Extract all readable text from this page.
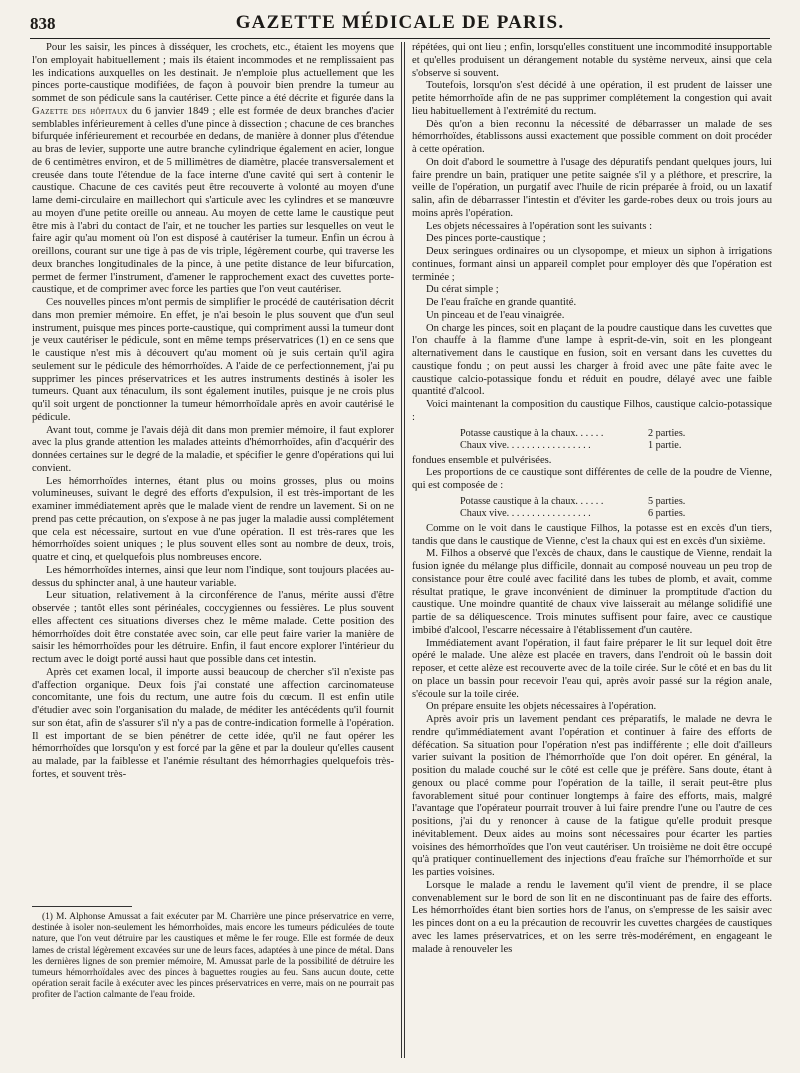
838	GAZETTE MÉDICALE DE PARIS.

Pour les saisir, les pinces à disséquer, les crochets, etc., étaient les moyens que l'on employait habituellement ; mais ils étaient incommodes et ne remplissaient pas les indications auxquelles on les destinait. Je n'emploie plus actuellement que les pinces porte-caustique modifiées, de façon à pouvoir bien prendre la tumeur au sommet de son pédicule sans la cautériser. Cette pince a été décrite et figurée dans la Gazette des hôpitaux du 6 janvier 1849 ; elle est formée de deux branches d'acier semblables inférieurement à celles d'une pince à dissection ; chacune de ces branches bifurquée inférieurement et recourbée en dedans, de manière à donner plus d'étendue au bras de levier, supporte une autre branche cylindrique également en acier, longue de 6 centimètres environ, et de 5 millimètres de diamètre, placée transversalement et creusée dans toute l'étendue de la face interne d'une cavité qui sert à contenir le caustique. Chacune de ces cavités peut être recouverte à volonté au moyen d'une lame demi-circulaire en maillechort qui s'articule avec les cylindres et se manœuvre au moyen d'une petite oreille ou anneau. Au moyen de cette lame le caustique peut être mis à l'abri du contact de l'air, et ne toucher les parties sur lesquelles on veut le faire agir qu'au moment où l'on est disposé à cautériser la tumeur. Enfin un écrou à oreillons, courant sur une tige à pas de vis triple, légèrement courbe, qui traverse les deux branches longitudinales de la pince, à une petite distance de leur bifurcation, permet de fermer l'instrument, d'amener le rapprochement exact des cuvettes porte-caustique, et de comprimer avec force les parties que l'on veut cautériser.

Ces nouvelles pinces m'ont permis de simplifier le procédé de cautérisation décrit dans mon premier mémoire. En effet, je n'ai besoin le plus souvent que d'un seul instrument, puisque mes pinces porte-caustique, qui compriment aussi la tumeur dont je veux cautériser le pédicule, sont en même temps préservatrices (1) en ce sens que le caustique n'est mis à découvert qu'au moment où je suis certain qu'il agira seulement sur le pédicule des hémorrhoïdes. A l'aide de ce perfectionnement, j'ai pu supprimer les pinces préservatrices et les autres instruments destinés à isoler les tumeurs. Quant aux ténaculum, ils sont également inutiles, puisque je ne crois plus qu'il soit urgent de ponctionner la tumeur hémorrhoïdale après en avoir cautérisé le pédicule.

Avant tout, comme je l'avais déjà dit dans mon premier mémoire, il faut explorer avec la plus grande attention les malades atteints d'hémorrhoïdes, afin d'acquérir des données certaines sur le degré de la maladie, et spécifier le genre d'opérations qui lui convient.

Les hémorrhoïdes internes, étant plus ou moins grosses, plus ou moins volumineuses, suivant le degré des efforts d'expulsion, il est très-important de les examiner immédiatement après que le malade vient de rendre un lavement. Si on ne prend pas cette précaution, on s'expose à ne pas juger la maladie aussi complétement que cela est nécessaire, surtout en vue d'une opération. Il est très-rares que les hémorrhoïdes soient uniques ; le plus souvent elles sont au nombre de deux, trois, quatre et cinq, et quelquefois plus nombreuses encore.

Les hémorrhoïdes internes, ainsi que leur nom l'indique, sont toujours placées au-dessus du sphincter anal, à une hauteur variable.

Leur situation, relativement à la circonférence de l'anus, mérite aussi d'être observée ; tantôt elles sont périnéales, coccygiennes ou fessières. Le plus souvent elles affectent ces situations diverses chez le même malade. Cette position des hémorrhoïdes doit être constatée avec soin, car elle peut faire varier la manière de saisir les hémorrhoïdes pour les détruire. Enfin, il faut encore explorer l'intérieur du rectum avec le doigt porté aussi haut que possible dans cet intestin.

Après cet examen local, il importe aussi beaucoup de chercher s'il n'existe pas d'affection organique. Deux fois j'ai constaté une affection carcinomateuse concomitante, une fois du rectum, une autre fois du cœcum. Il est enfin utile d'étudier avec soin l'organisation du malade, de méditer les antécédents qu'il fournit sur son état, afin de s'assurer s'il n'y a pas de contre-indication formelle à l'opération. Il est important de se bien pénétrer de cette idée, qu'il ne faut opérer les hémorrhoïdes que lorsqu'on y est forcé par la gêne et par la douleur qu'elles causent au malade, par la faiblesse et l'anémie résultant des hémorrhagies quelquefois très-fortes, et souvent très-

(1) M. Alphonse Amussat a fait exécuter par M. Charrière une pince préservatrice en verre, destinée à isoler non-seulement les hémorrhoïdes, mais encore les tumeurs pédiculées de toute nature, que l'on veut détruire par les caustiques et même le fer rouge. Elle est formée de deux lames de cristal légèrement excavées sur une de leurs faces, adaptées à une pince de métal. Dans les dernières lignes de son premier mémoire, M. Amussat parle de la possibilité de détruire les tumeurs hémorrhoïdales avec des pinces à baguettes rougies au feu. Sans aucun doute, cette opération serait facile à exécuter avec les pinces préservatrices en verre, mais on ne pourrait pas profiter de l'action calmante de l'eau froide.

répétées, qui ont lieu ; enfin, lorsqu'elles constituent une incommodité insupportable et qu'elles produisent un dérangement notable du système nerveux, ainsi que cela s'observe si souvent.

Toutefois, lorsqu'on s'est décidé à une opération, il est prudent de laisser une petite hémorrhoïde afin de ne pas supprimer complétement la congestion qui avait lieu habituellement à l'extrémité du rectum.

Dès qu'on a bien reconnu la nécessité de débarrasser un malade de ses hémorrhoïdes, établissons aussi exactement que possible comment on doit procéder à cette opération.

On doit d'abord le soumettre à l'usage des dépuratifs pendant quelques jours, lui faire prendre un bain, pratiquer une petite saignée s'il y a pléthore, et prescrire, la veille de l'opération, un purgatif avec l'huile de ricin préparée à froid, ou un laxatif salin, afin de débarrasser l'intestin et d'éviter les garde-robes deux ou trois jours au moins après l'opération.

Les objets nécessaires à l'opération sont les suivants :

Des pinces porte-caustique ;

Deux seringues ordinaires ou un clysopompe, et mieux un siphon à irrigations continues, formant ainsi un appareil complet pour employer dès que l'opération est terminée ;

Du cérat simple ;

De l'eau fraîche en grande quantité.

Un pinceau et de l'eau vinaigrée.

On charge les pinces, soit en plaçant de la poudre caustique dans les cuvettes que l'on chauffe à la flamme d'une lampe à esprit-de-vin, soit en les plongeant alternativement dans le caustique en fusion, soit en versant dans les cuvettes du caustique fondu ; on peut aussi les charger à froid avec une pâte faite avec le caustique calcio-potassique fondu et réduit en poudre, délayé avec une faible quantité d'alcool.

Voici maintenant la composition du caustique Filhos, caustique calcio-potassique :

Potasse caustique à la chaux. . . . . .	2 parties.
Chaux vive. . . . . . . . . . . . . . . . .	1 partie.

fondues ensemble et pulvérisées.

Les proportions de ce caustique sont différentes de celle de la poudre de Vienne, qui est composée de :

Potasse caustique à la chaux. . . . . .	5 parties.
Chaux vive. . . . . . . . . . . . . . . . .	6 parties.

Comme on le voit dans le caustique Filhos, la potasse est en excès d'un tiers, tandis que dans le caustique de Vienne, c'est la chaux qui est en excès d'un sixième.

M. Filhos a observé que l'excès de chaux, dans le caustique de Vienne, rendait la fusion ignée du mélange plus difficile, donnait au composé nouveau un peu trop de consistance pour être coulé avec facilité dans les tubes de plomb, et avait, comme résultat pratique, le grave inconvénient de diminuer la promptitude d'action du caustique. Une moindre quantité de chaux vive laisserait au mélange solidifié une partie de sa déliquescence. Trois minutes suffisent pour faire, avec ce caustique imbibé d'alcool, l'escarre nécessaire à l'établissement d'un cautère.

Immédiatement avant l'opération, il faut faire préparer le lit sur lequel doit être opéré le malade. Une alèze est placée en travers, dans l'endroit où le bassin doit reposer, et cette alèze est recouverte avec de la toile cirée. Sur le côté et en bas du lit on place un bassin pour recevoir l'eau qui, après avoir passé sur la région anale, s'écoule sur la toile cirée.

On prépare ensuite les objets nécessaires à l'opération.

Après avoir pris un lavement pendant ces préparatifs, le malade ne devra le rendre qu'immédiatement avant l'opération et continuer à faire des efforts de défécation. Sa situation pour l'opération n'est pas indifférente ; elle doit d'ailleurs varier suivant la position de l'hémorrhoïde que l'on doit opérer. En général, la position du malade couché sur le côté est celle que je préfère. Sans doute, étant à genoux ou placé comme pour l'opération de la taille, il serait peut-être plus favorablement situé pour continuer longtemps à faire des efforts, mais, malgré l'avantage que l'opérateur pourrait trouver à lui faire prendre l'une ou l'autre de ces positions, j'ai du y renoncer à cause de la fatigue qu'elle produit presque inévitablement. Deux aides au moins sont nécessaires pour écarter les parties voisines des hémorrhoïdes que l'on veut cautériser. Un troisième ne doit être occupé qu'à pratiquer continuellement des injections d'eau fraîche sur l'hémorrhoïde et sur les parties voisines.

Lorsque le malade a rendu le lavement qu'il vient de prendre, il se place convenablement sur le bord de son lit en ne discontinuant pas de faire des efforts. Les hémorrhoïdes étant bien sorties hors de l'anus, on s'empresse de les saisir avec les pinces dont on a eu la précaution de recouvrir les cuvettes chargées de caustiques avec les lames préservatrices, et on les serre très-modérément, en engageant le malade à renouveler les
